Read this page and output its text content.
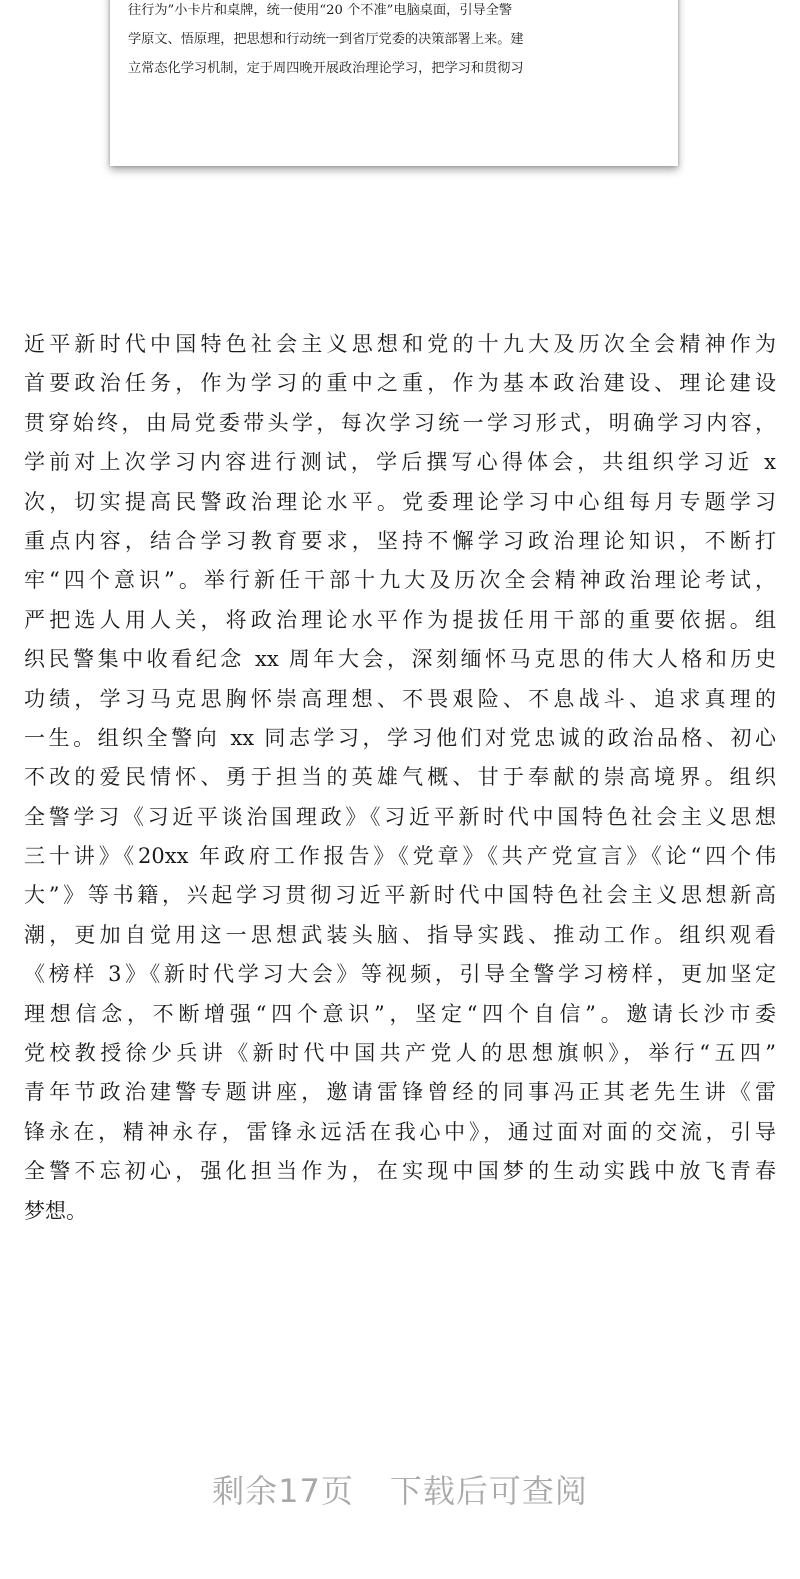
往行为”小卡片和桌牌，统一使用“20 个不准”电脑桌面，引导全警
学原文、悟原理，把思想和行动统一到省厅党委的决策部署上来。建
立常态化学习机制，定于周四晚开展政治理论学习，把学习和贯彻习
ㅤ
近平新时代中国特色社会主义思想和党的十九大及历次全会精神作为
首要政治任务，作为学习的重中之重，作为基本政治建设、理论建设
贯穿始终，由局党委带头学，每次学习统一学习形式，明确学习内容，
学前对上次学习内容进行测试，学后撰写心得体会，共组织学习近 x
次，切实提高民警政治理论水平。党委理论学习中心组每月专题学习
重点内容，结合学习教育要求，坚持不懈学习政治理论知识，不断打
牢“四个意识”。举行新任干部十九大及历次全会精神政治理论考试，
严把选人用人关，将政治理论水平作为提拔任用干部的重要依据。组
织民警集中收看纪念 xx 周年大会，深刻缅怀马克思的伟大人格和历史
功绩，学习马克思胸怀崇高理想、不畏艰险、不息战斗、追求真理的
一生。组织全警向 xx 同志学习，学习他们对党忠诚的政治品格、初心
不改的爱民情怀、勇于担当的英雄气概、甘于奉献的崇高境界。组织
全警学习《习近平谈治国理政》《习近平新时代中国特色社会主义思想
三十讲》《20xx 年政府工作报告》《党章》《共产党宣言》《论“四个伟
大”》等书籍，兴起学习贯彻习近平新时代中国特色社会主义思想新高
潮，更加自觉用这一思想武装头脑、指导实践、推动工作。组织观看
《榜样 3》《新时代学习大会》等视频，引导全警学习榜样，更加坚定
理想信念，不断增强“四个意识”，坚定“四个自信”。邀请长沙市委
党校教授徐少兵讲《新时代中国共产党人的思想旗帜》，举行“五四”
青年节政治建警专题讲座，邀请雷锋曾经的同事冯正其老先生讲《雷
锋永在，精神永存，雷锋永远活在我心中》，通过面对面的交流，引导
全警不忘初心，强化担当作为，在实现中国梦的生动实践中放飞青春
梦想。
剩余17页 下载后可查阅
